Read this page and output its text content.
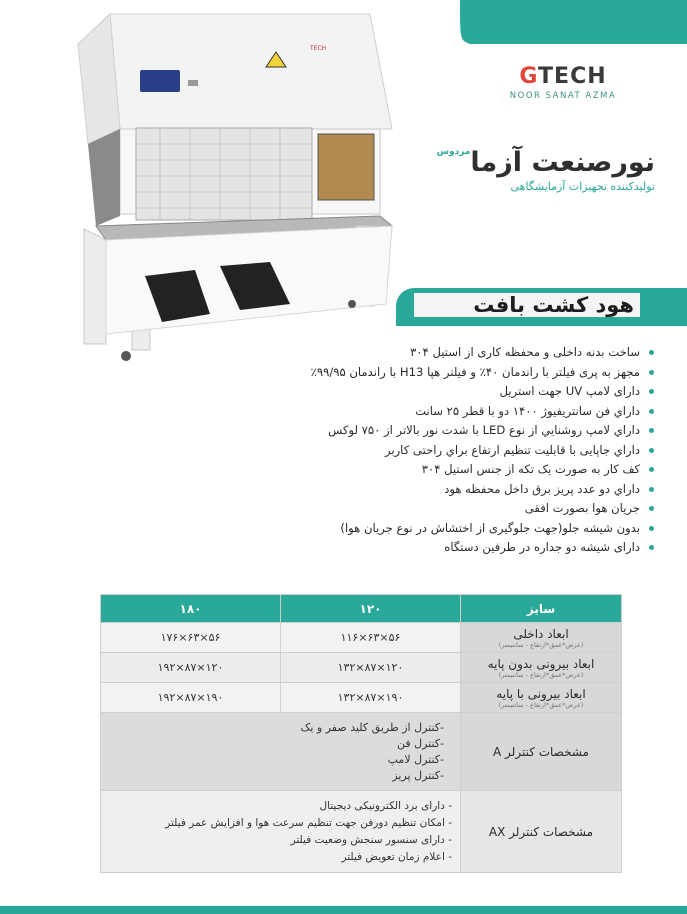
TECH
GTECH
NOOR SANAT AZMA
نورصنعت آزما$^{مردوس}$
تولیدکننده تجهیزات آزمایشگاهی
هود کشت بافت
ساخت بدنه داخلی و محفظه کاری از استیل ۳۰۴
مجهز به پری فیلتر با راندمان ۴۰٪ و فیلتر هپا H13 با راندمان ۹۹/۹۵٪
دارای لامپ UV جهت استریل
داراي فن سانتریفیوژ ۱۴۰۰ دو با قطر ۲۵ سانت
داراي لامپ روشنايي از نوع LED با شدت نور بالاتر از ۷۵۰ لوکس
داراي جاپایی با قابلیت تنظیم ارتفاع براي راحتی کاربر
کف کار به صورت یک تکه از جنس استیل ۳۰۴
داراي دو عدد پریز برق داخل محفظه هود
جریان هوا بصورت افقی
بدون شیشه جلو(جهت جلوگیری از اختشاش در نوع جریان هوا)
دارای شیشه دو جداره در طرفین دستگاه
سایز	۱۲۰	۱۸۰

ابعاد داخلی
(عرض*عمق*ارتفاع - سانتیمتر)	۵۶×۶۳×۱۱۶	۵۶×۶۳×۱۷۶

ابعاد بیرونی بدون پایه
(عرض*عمق*ارتفاع - سانتیمتر)	۱۲۰×۸۷×۱۳۲	۱۲۰×۸۷×۱۹۲

ابعاد بیرونی با پایه
(عرض*عمق*ارتفاع - سانتیمتر)	۱۹۰×۸۷×۱۳۲	۱۹۰×۸۷×۱۹۲

مشخصات کنترلر A	-کنترل از طریق کلید صفر و یک
-کنترل فن
-کنترل لامپ
-کنترل پریز	

مشخصات کنترلر AX	- دارای برد الکترونیکی دیجیتال
- امکان تنظیم دورفن جهت تنظیم سرعت هوا و افزایش عمر فیلتر
- دارای سنسور سنجش وضعیت فیلتر
- اعلام زمان تعویض فیلتر	
